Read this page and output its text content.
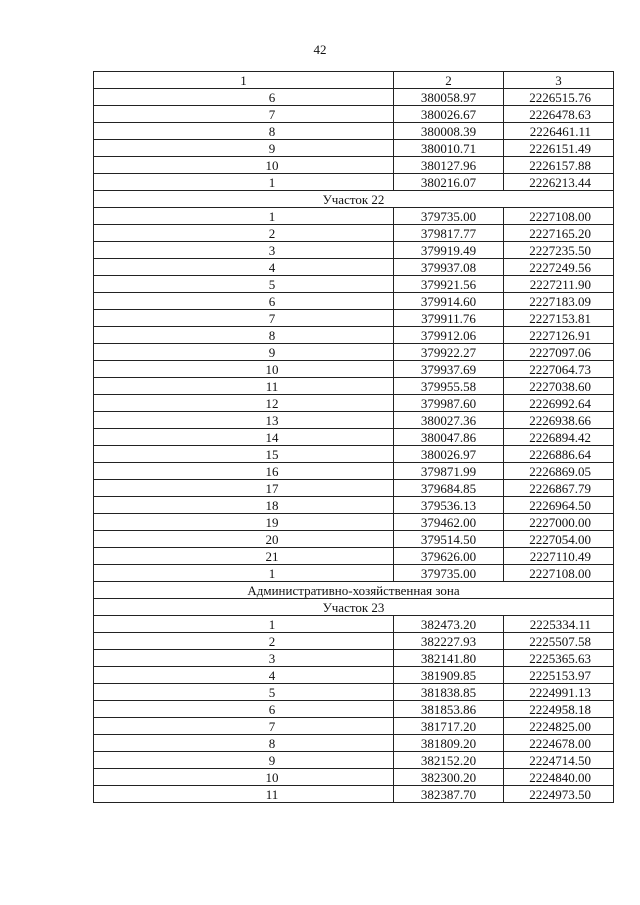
42
1	2	3
6	380058.97	2226515.76
7	380026.67	2226478.63
8	380008.39	2226461.11
9	380010.71	2226151.49
10	380127.96	2226157.88
1	380216.07	2226213.44
Участок 22		
1	379735.00	2227108.00
2	379817.77	2227165.20
3	379919.49	2227235.50
4	379937.08	2227249.56
5	379921.56	2227211.90
6	379914.60	2227183.09
7	379911.76	2227153.81
8	379912.06	2227126.91
9	379922.27	2227097.06
10	379937.69	2227064.73
11	379955.58	2227038.60
12	379987.60	2226992.64
13	380027.36	2226938.66
14	380047.86	2226894.42
15	380026.97	2226886.64
16	379871.99	2226869.05
17	379684.85	2226867.79
18	379536.13	2226964.50
19	379462.00	2227000.00
20	379514.50	2227054.00
21	379626.00	2227110.49
1	379735.00	2227108.00
Административно-хозяйственная зона		
Участок 23		
1	382473.20	2225334.11
2	382227.93	2225507.58
3	382141.80	2225365.63
4	381909.85	2225153.97
5	381838.85	2224991.13
6	381853.86	2224958.18
7	381717.20	2224825.00
8	381809.20	2224678.00
9	382152.20	2224714.50
10	382300.20	2224840.00
11	382387.70	2224973.50
